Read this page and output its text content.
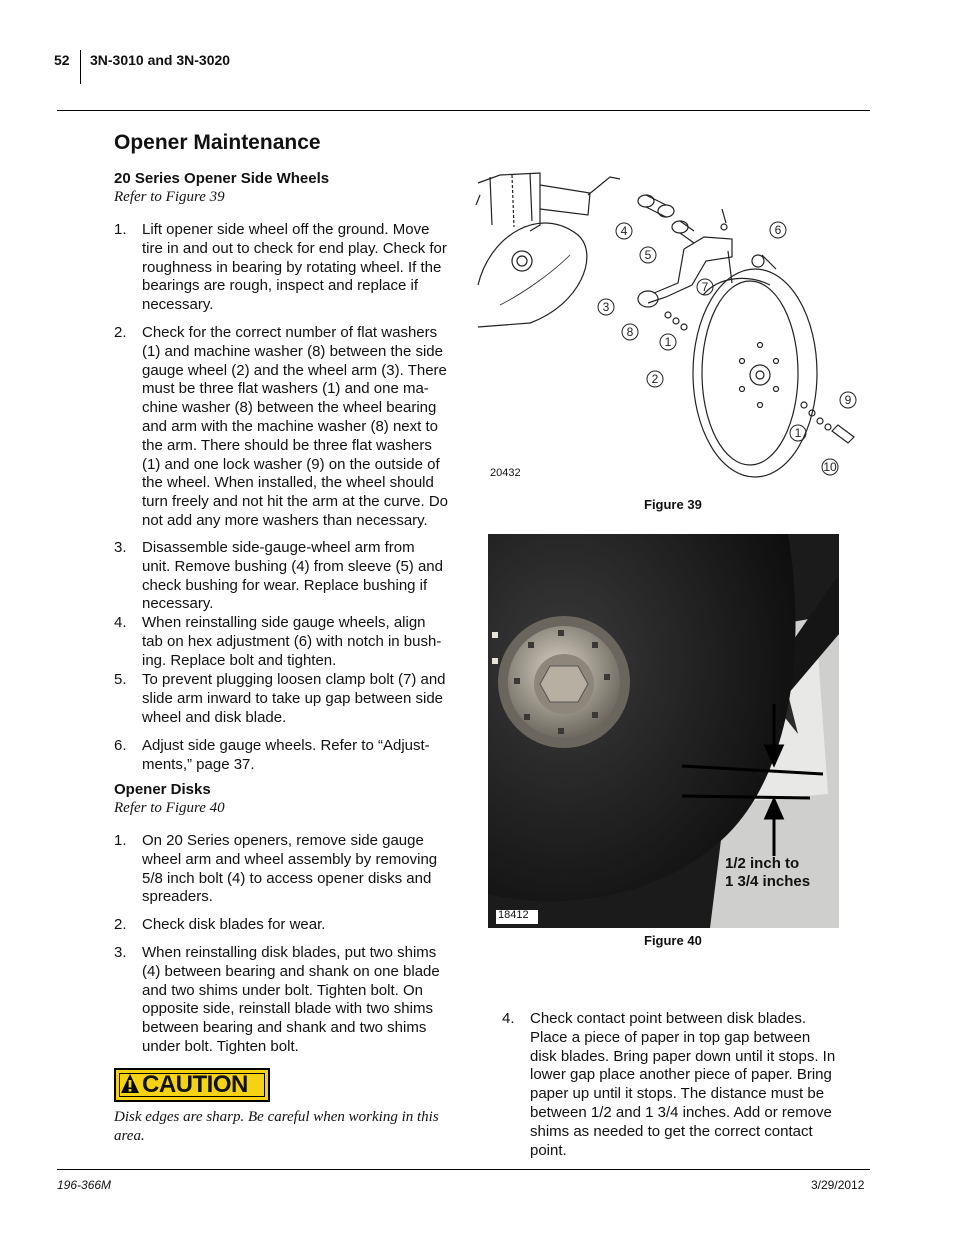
52 3N-3010 and 3N-3020
Opener Maintenance
20 Series Opener Side Wheels
Refer to Figure 39
1. Lift opener side wheel off the ground. Move
tire in and out to check for end play. Check for
roughness in bearing by rotating wheel. If the
bearings are rough, inspect and replace if
necessary.
2. Check for the correct number of flat washers
(1) and machine washer (8) between the side
gauge wheel (2) and the wheel arm (3). There
must be three flat washers (1) and one ma-
chine washer (8) between the wheel bearing
and arm with the machine washer (8) next to
the arm. There should be three flat washers
(1) and one lock washer (9) on the outside of
the wheel. When installed, the wheel should
turn freely and not hit the arm at the curve. Do
not add any more washers than necessary.
3. Disassemble side-gauge-wheel arm from
unit. Remove bushing (4) from sleeve (5) and
check bushing for wear. Replace bushing if
necessary.
4. When reinstalling side gauge wheels, align
tab on hex adjustment (6) with notch in bush-
ing. Replace bolt and tighten.
5. To prevent plugging loosen clamp bolt (7) and
slide arm inward to take up gap between side
wheel and disk blade.
6. Adjust side gauge wheels. Refer to “Adjust-
ments,” page 37.
Opener Disks
Refer to Figure 40
1. On 20 Series openers, remove side gauge
wheel arm and wheel assembly by removing
5/8 inch bolt (4) to access opener disks and
spreaders.
2. Check disk blades for wear.
3. When reinstalling disk blades, put two shims
(4) between bearing and shank on one blade
and two shims under bolt. Tighten bolt. On
opposite side, reinstall blade with two shims
between bearing and shank and two shims
under bolt. Tighten bolt.
CAUTION
Disk edges are sharp. Be careful when working in this
area.
1
2
3
4
5
6
7
8
1
9
10
20432
Figure 39
18412
1/2 inch to
1 3/4 inches
Figure 40
4. Check contact point between disk blades.
Place a piece of paper in top gap between
disk blades. Bring paper down until it stops. In
lower gap place another piece of paper. Bring
paper up until it stops. The distance must be
between 1/2 and 1 3/4 inches. Add or remove
shims as needed to get the correct contact
point.
196-366M	3/29/2012
